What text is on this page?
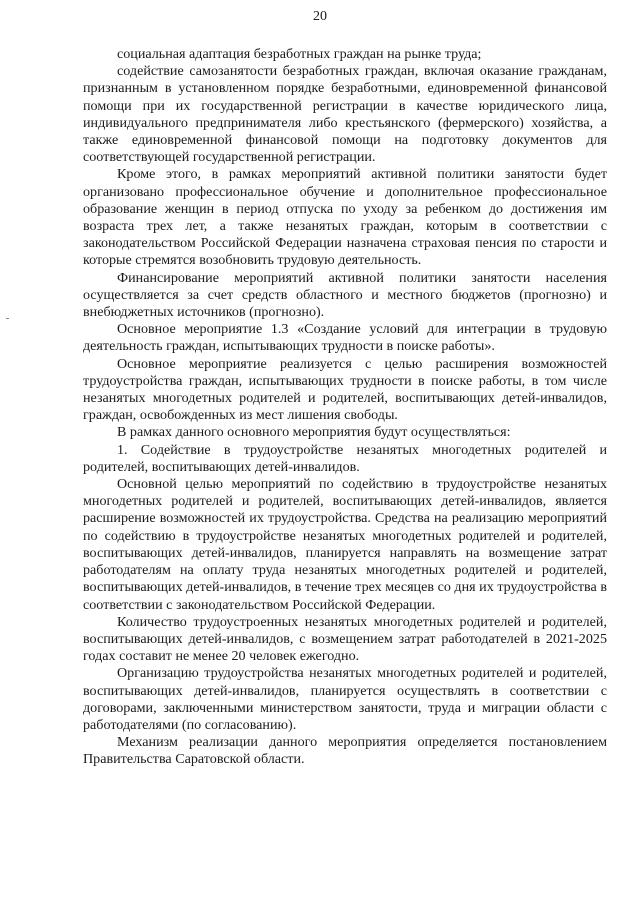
20

социальная адаптация безработных граждан на рынке труда;

содействие самозанятости безработных граждан, включая оказание гражданам, признанным в установленном порядке безработными, единовременной финансовой помощи при их государственной регистрации в качестве юридического лица, индивидуального предпринимателя либо крестьянского (фермерского) хозяйства, а также единовременной финансовой помощи на подготовку документов для соответствующей государственной регистрации.

Кроме этого, в рамках мероприятий активной политики занятости будет организовано профессиональное обучение и дополнительное профессиональное образование женщин в период отпуска по уходу за ребенком до достижения им возраста трех лет, а также незанятых граждан, которым в соответствии с законодательством Российской Федерации назначена страховая пенсия по старости и которые стремятся возобновить трудовую деятельность.

Финансирование мероприятий активной политики занятости населения осуществляется за счет средств областного и местного бюджетов (прогнозно) и внебюджетных источников (прогнозно).

Основное мероприятие 1.3 «Создание условий для интеграции в трудовую деятельность граждан, испытывающих трудности в поиске работы».

Основное мероприятие реализуется с целью расширения возможностей трудоустройства граждан, испытывающих трудности в поиске работы, в том числе незанятых многодетных родителей и родителей, воспитывающих детей-инвалидов, граждан, освобожденных из мест лишения свободы.

В рамках данного основного мероприятия будут осуществляться:

1. Содействие в трудоустройстве незанятых многодетных родителей и родителей, воспитывающих детей-инвалидов.

Основной целью мероприятий по содействию в трудоустройстве незанятых многодетных родителей и родителей, воспитывающих детей-инвалидов, является расширение возможностей их трудоустройства. Средства на реализацию мероприятий по содействию в трудоустройстве незанятых многодетных родителей и родителей, воспитывающих детей-инвалидов, планируется направлять на возмещение затрат работодателям на оплату труда незанятых многодетных родителей и родителей, воспитывающих детей-инвалидов, в течение трех месяцев со дня их трудоустройства в соответствии с законодательством Российской Федерации.

Количество трудоустроенных незанятых многодетных родителей и родителей, воспитывающих детей-инвалидов, с возмещением затрат работодателей в 2021-2025 годах составит не менее 20 человек ежегодно.

Организацию трудоустройства незанятых многодетных родителей и родителей, воспитывающих детей-инвалидов, планируется осуществлять в соответствии с договорами, заключенными министерством занятости, труда и миграции области с работодателями (по согласованию).

Механизм реализации данного мероприятия определяется постановлением Правительства Саратовской области.
